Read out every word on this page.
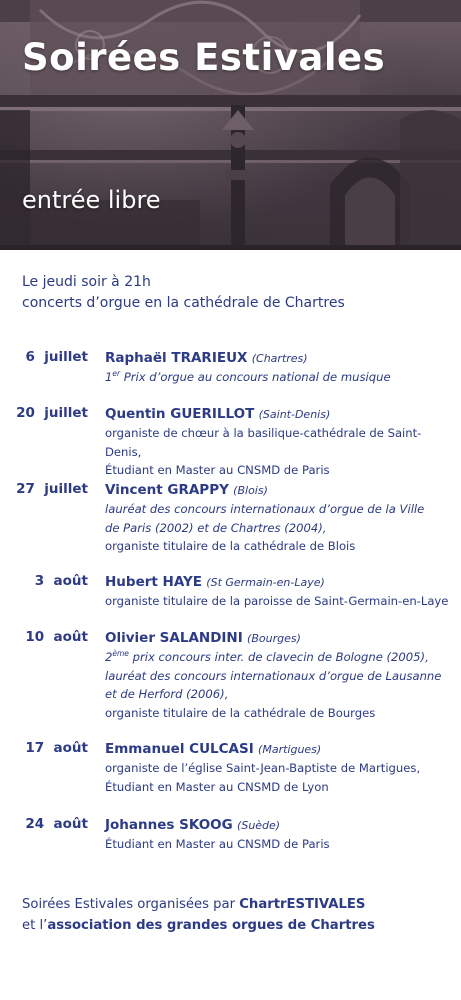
Soirées Estivales
entrée libre
Le jeudi soir à 21h
concerts d’orgue en la cathédrale de Chartres
6  juillet Raphaël TRARIEUX (Chartres)
1er Prix d’orgue au concours national de musique
20  juillet Quentin GUERILLOT (Saint-Denis)
organiste de chœur à la basilique-cathédrale de Saint-Denis,
Étudiant en Master au CNSMD de Paris
27  juillet Vincent GRAPPY (Blois)
lauréat des concours internationaux d’orgue de la Ville
de Paris (2002) et de Chartres (2004),
organiste titulaire de la cathédrale de Blois
3  août Hubert HAYE (St Germain-en-Laye)
organiste titulaire de la paroisse de Saint-Germain-en-Laye
10  août Olivier SALANDINI (Bourges)
2ème prix concours inter. de clavecin de Bologne (2005),
lauréat des concours internationaux d’orgue de Lausanne
et de Herford (2006),
organiste titulaire de la cathédrale de Bourges
17  août Emmanuel CULCASI (Martigues)
organiste de l’église Saint-Jean-Baptiste de Martigues,
Étudiant en Master au CNSMD de Lyon
24  août Johannes SKOOG (Suède)
Étudiant en Master au CNSMD de Paris
Soirées Estivales organisées par ChartrESTIVALES
et l’association des grandes orgues de Chartres
